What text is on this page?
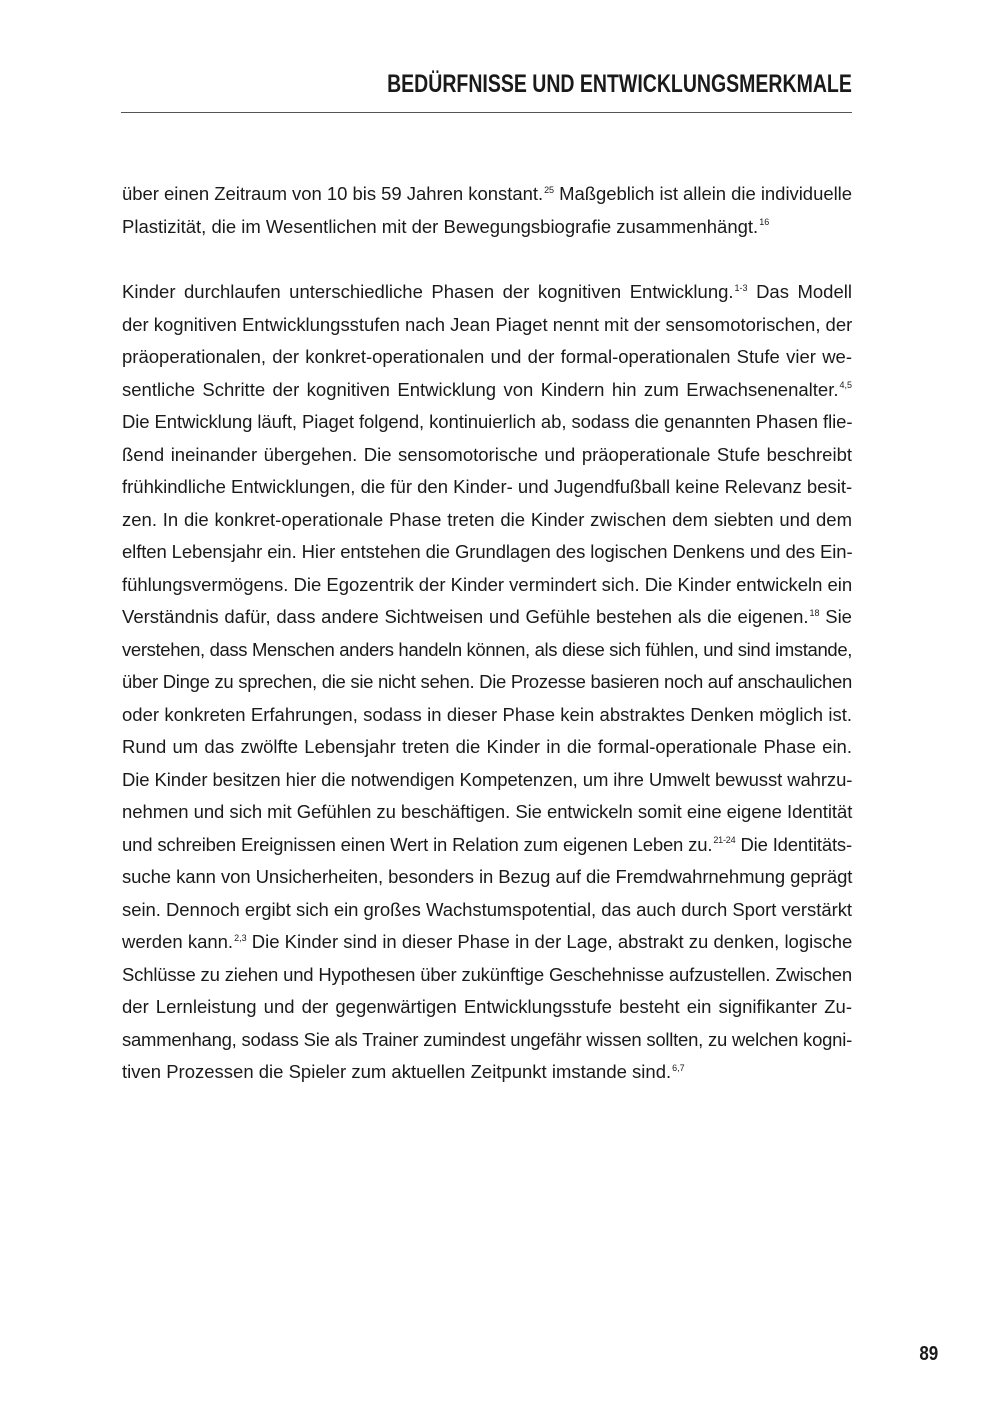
BEDÜRFNISSE UND ENTWICKLUNGSMERKMALE

über einen Zeitraum von 10 bis 59 Jahren konstant.$^{25}$ Maßgeblich ist allein die individuelle
Plastizität, die im Wesentlichen mit der Bewegungsbiografie zusammenhängt.$^{16}$

Kinder durchlaufen unterschiedliche Phasen der kognitiven Entwicklung.$^{1-3}$ Das Modell
der kognitiven Entwicklungsstufen nach Jean Piaget nennt mit der sensomotorischen, der
präoperationalen, der konkret-operationalen und der formal-operationalen Stufe vier we-
sentliche Schritte der kognitiven Entwicklung von Kindern hin zum Erwachsenenalter.$^{4,5}$
Die Entwicklung läuft, Piaget folgend, kontinuierlich ab, sodass die genannten Phasen flie-
ßend ineinander übergehen. Die sensomotorische und präoperationale Stufe beschreibt
frühkindliche Entwicklungen, die für den Kinder- und Jugendfußball keine Relevanz besit-
zen. In die konkret-operationale Phase treten die Kinder zwischen dem siebten und dem
elften Lebensjahr ein. Hier entstehen die Grundlagen des logischen Denkens und des Ein-
fühlungsvermögens. Die Egozentrik der Kinder vermindert sich. Die Kinder entwickeln ein
Verständnis dafür, dass andere Sichtweisen und Gefühle bestehen als die eigenen.$^{18}$ Sie
verstehen, dass Menschen anders handeln können, als diese sich fühlen, und sind imstande,
über Dinge zu sprechen, die sie nicht sehen. Die Prozesse basieren noch auf anschaulichen
oder konkreten Erfahrungen, sodass in dieser Phase kein abstraktes Denken möglich ist.
Rund um das zwölfte Lebensjahr treten die Kinder in die formal-operationale Phase ein.
Die Kinder besitzen hier die notwendigen Kompetenzen, um ihre Umwelt bewusst wahrzu-
nehmen und sich mit Gefühlen zu beschäftigen. Sie entwickeln somit eine eigene Identität
und schreiben Ereignissen einen Wert in Relation zum eigenen Leben zu.$^{21-24}$ Die Identitäts-
suche kann von Unsicherheiten, besonders in Bezug auf die Fremdwahrnehmung geprägt
sein. Dennoch ergibt sich ein großes Wachstumspotential, das auch durch Sport verstärkt
werden kann.$^{2,3}$ Die Kinder sind in dieser Phase in der Lage, abstrakt zu denken, logische
Schlüsse zu ziehen und Hypothesen über zukünftige Geschehnisse aufzustellen. Zwischen
der Lernleistung und der gegenwärtigen Entwicklungsstufe besteht ein signifikanter Zu-
sammenhang, sodass Sie als Trainer zumindest ungefähr wissen sollten, zu welchen kogni-
tiven Prozessen die Spieler zum aktuellen Zeitpunkt imstande sind.$^{6,7}$

89
